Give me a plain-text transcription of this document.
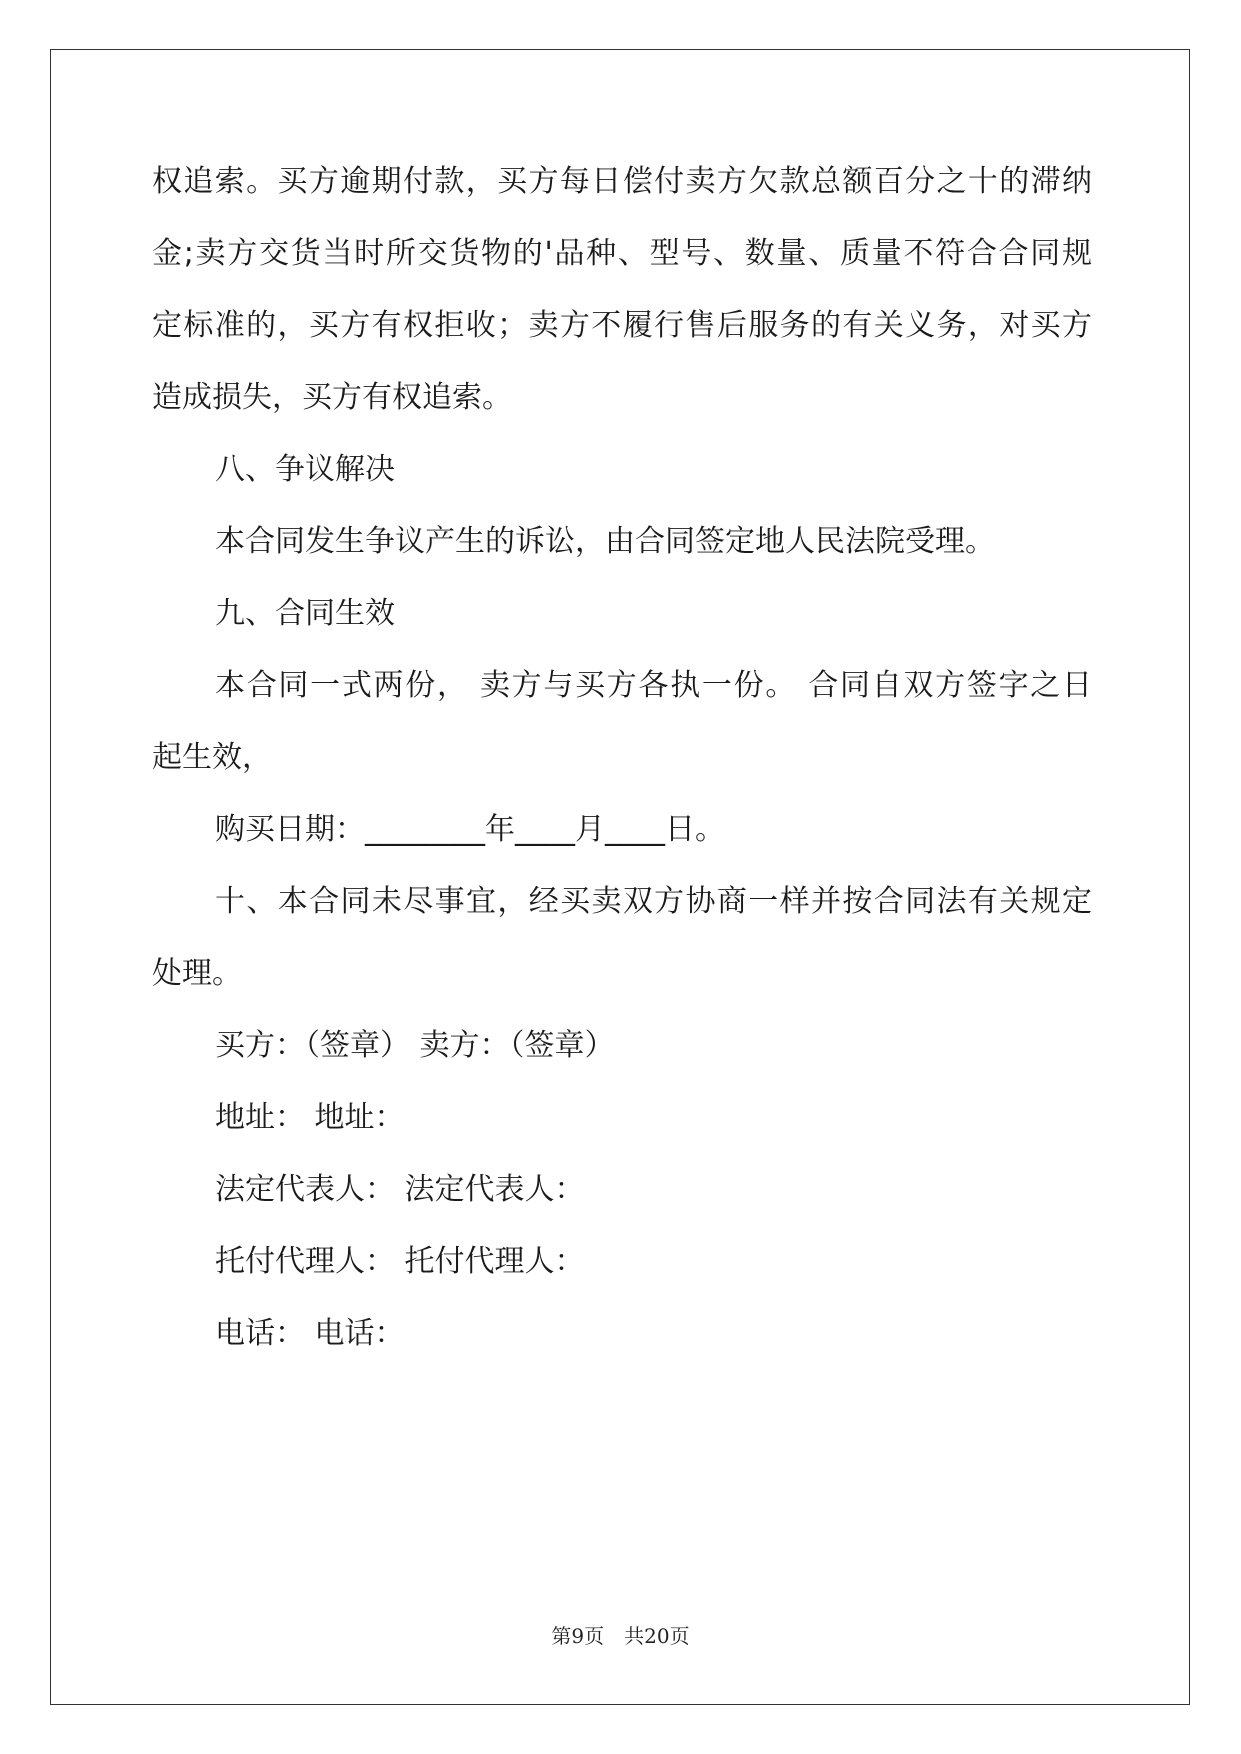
权追索。买方逾期付款，买方每日偿付卖方欠款总额百分之十的滞纳
金;卖方交货当时所交货物的'品种、型号、数量、质量不符合合同规
定标准的，买方有权拒收；卖方不履行售后服务的有关义务，对买方
造成损失，买方有权追索。
八、争议解决
本合同发生争议产生的诉讼，由合同签定地人民法院受理。
九、合同生效
本合同一式两份， 卖方与买方各执一份。 合同自双方签字之日
起生效，
购买日期：________年____月____日。
十、本合同未尽事宜，经买卖双方协商一样并按合同法有关规定
处理。
买方：（签章） 卖方：（签章）
地址： 地址：
法定代表人： 法定代表人：
托付代理人： 托付代理人：
电话： 电话：
第9页 共20页
